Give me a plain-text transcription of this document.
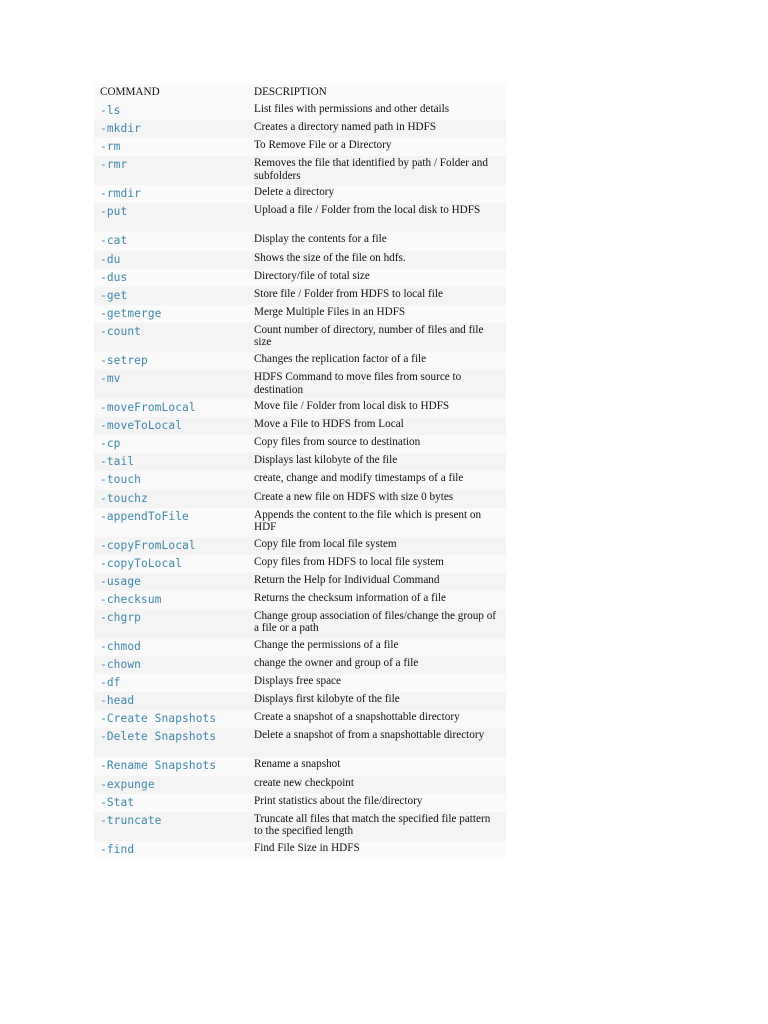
COMMAND	DESCRIPTION
-ls	List files with permissions and other details
-mkdir	Creates a directory named path in HDFS
-rm	To Remove File or a Directory
-rmr	Removes the file that identified by path / Folder and subfolders
-rmdir	Delete a directory
-put	Upload a file / Folder from the local disk to HDFS
-cat	Display the contents for a file
-du	Shows the size of the file on hdfs.
-dus	Directory/file of total size
-get	Store file / Folder from HDFS to local file
-getmerge	Merge Multiple Files in an HDFS
-count	Count number of directory, number of files and file size
-setrep	Changes the replication factor of a file
-mv	HDFS Command to move files from source to destination
-moveFromLocal	Move file / Folder from local disk to HDFS
-moveToLocal	Move a File to HDFS from Local
-cp	Copy files from source to destination
-tail	Displays last kilobyte of the file
-touch	create, change and modify timestamps of a file
-touchz	Create a new file on HDFS with size 0 bytes
-appendToFile	Appends the content to the file which is present on HDF
-copyFromLocal	Copy file from local file system
-copyToLocal	Copy files from HDFS to local file system
-usage	Return the Help for Individual Command
-checksum	Returns the checksum information of a file
-chgrp	Change group association of files/change the group of a file or a path
-chmod	Change the permissions of a file
-chown	change the owner and group of a file
-df	Displays free space
-head	Displays first kilobyte of the file
-Create Snapshots	Create a snapshot of a snapshottable directory
-Delete Snapshots	Delete a snapshot of from a snapshottable directory
-Rename Snapshots	Rename a snapshot
-expunge	create new checkpoint
-Stat	Print statistics about the file/directory
-truncate	Truncate all files that match the specified file pattern to the specified length
-find	Find File Size in HDFS
